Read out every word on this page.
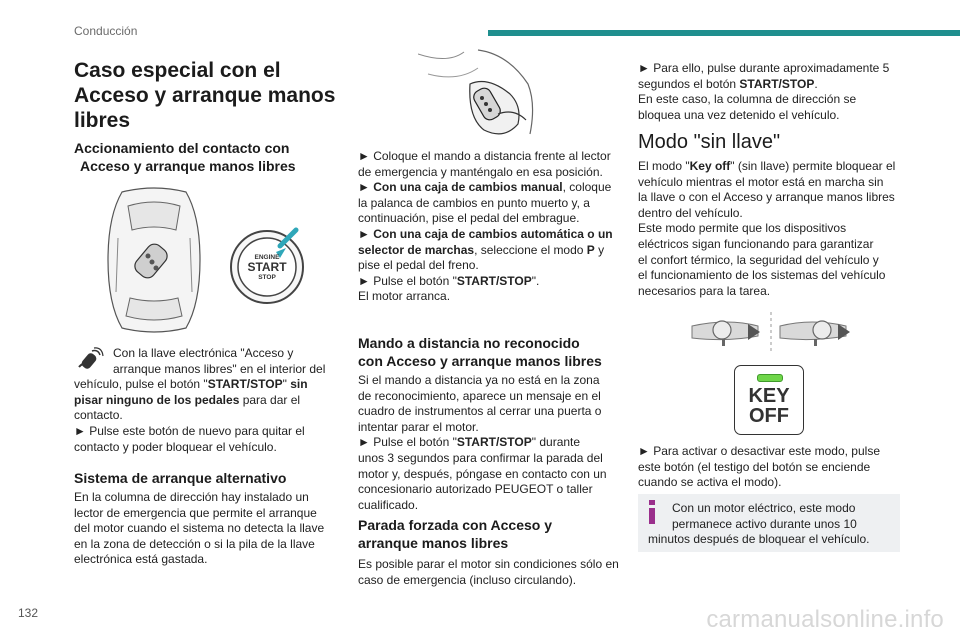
Conducción
Caso especial con el
Acceso y arranque manos
libres
Accionamiento del contacto con
Acceso y arranque manos libres
ENGINE
START
STOP

Con la llave electrónica "Acceso y

arranque manos libres" en el interior del

vehículo, pulse el botón "START/STOP" sin

pisar ninguno de los pedales para dar el

contacto.

► Pulse este botón de nuevo para quitar el

contacto y poder bloquear el vehículo.

Sistema de arranque alternativo

En la columna de dirección hay instalado un

lector de emergencia que permite el arranque

del motor cuando el sistema no detecta la llave

en la zona de detección o si la pila de la llave

electrónica está gastada.

► Coloque el mando a distancia frente al lector

de emergencia y manténgalo en esa posición.

► Con una caja de cambios manual, coloque

la palanca de cambios en punto muerto y, a

continuación, pise el pedal del embrague.

► Con una caja de cambios automática o un

selector de marchas, seleccione el modo P y

pise el pedal del freno.

► Pulse el botón "START/STOP".

El motor arranca.

Mando a distancia no reconocido
con Acceso y arranque manos libres

Si el mando a distancia ya no está en la zona

de reconocimiento, aparece un mensaje en el

cuadro de instrumentos al cerrar una puerta o

intentar parar el motor.

► Pulse el botón "START/STOP" durante

unos 3 segundos para confirmar la parada del

motor y, después, póngase en contacto con un

concesionario autorizado PEUGEOT o taller

cualificado.

Parada forzada con Acceso y
arranque manos libres

Es posible parar el motor sin condiciones sólo en

caso de emergencia (incluso circulando).

► Para ello, pulse durante aproximadamente 5

segundos el botón START/STOP.

En este caso, la columna de dirección se

bloquea una vez detenido el vehículo.

Modo "sin llave"

El modo "Key off" (sin llave) permite bloquear el

vehículo mientras el motor está en marcha sin

la llave o con el Acceso y arranque manos libres

dentro del vehículo.

Este modo permite que los dispositivos

eléctricos sigan funcionando para garantizar

el confort térmico, la seguridad del vehículo y

el funcionamiento de los sistemas del vehículo

necesarios para la tarea.

KEY
OFF

► Para activar o desactivar este modo, pulse

este botón (el testigo del botón se enciende

cuando se activa el modo).

Con un motor eléctrico, este modo

permanece activo durante unos 10

minutos después de bloquear el vehículo.

132	carmanualsonline.info
